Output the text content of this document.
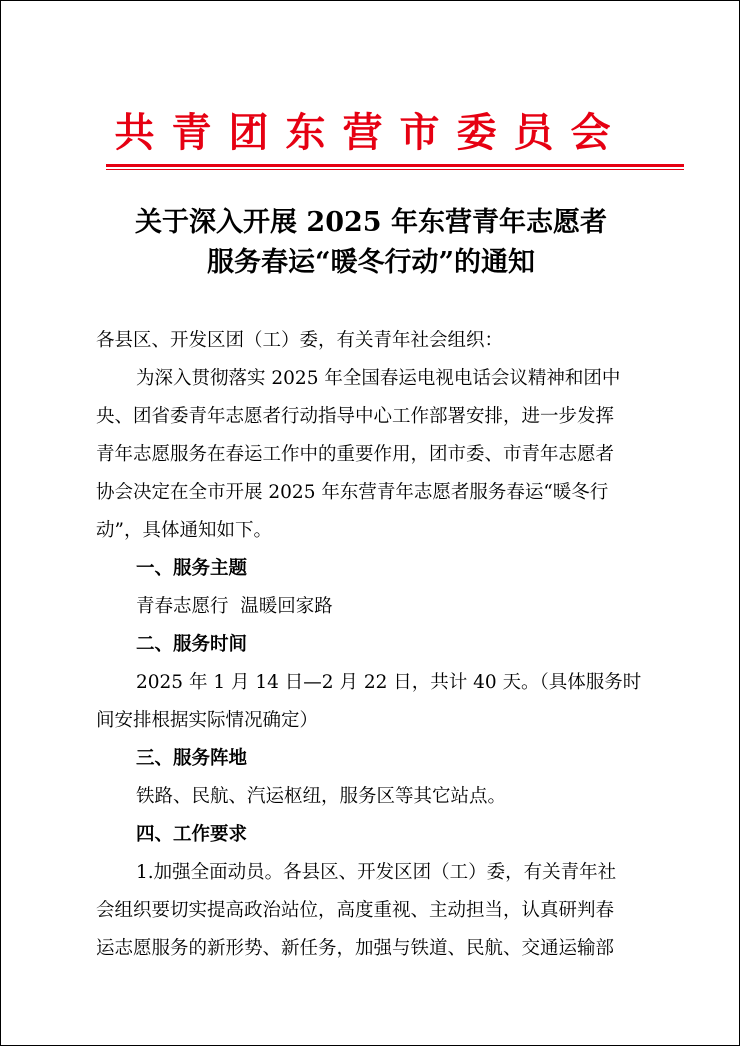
共青团东营市委员会
关于深入开展 2025 年东营青年志愿者
服务春运“暖冬行动”的通知

各县区、开发区团（工）委，有关青年社会组织：

为深入贯彻落实 2025 年全国春运电视电话会议精神和团中

央、团省委青年志愿者行动指导中心工作部署安排，进一步发挥

青年志愿服务在春运工作中的重要作用，团市委、市青年志愿者

协会决定在全市开展 2025 年东营青年志愿者服务春运“暖冬行

动”，具体通知如下。

一、服务主题

青春志愿行  温暖回家路

二、服务时间

2025 年 1 月 14 日—2 月 22 日，共计 40 天。（具体服务时

间安排根据实际情况确定）

三、服务阵地

铁路、民航、汽运枢纽，服务区等其它站点。

四、工作要求

1.加强全面动员。各县区、开发区团（工）委，有关青年社

会组织要切实提高政治站位，高度重视、主动担当，认真研判春

运志愿服务的新形势、新任务，加强与铁道、民航、交通运输部
